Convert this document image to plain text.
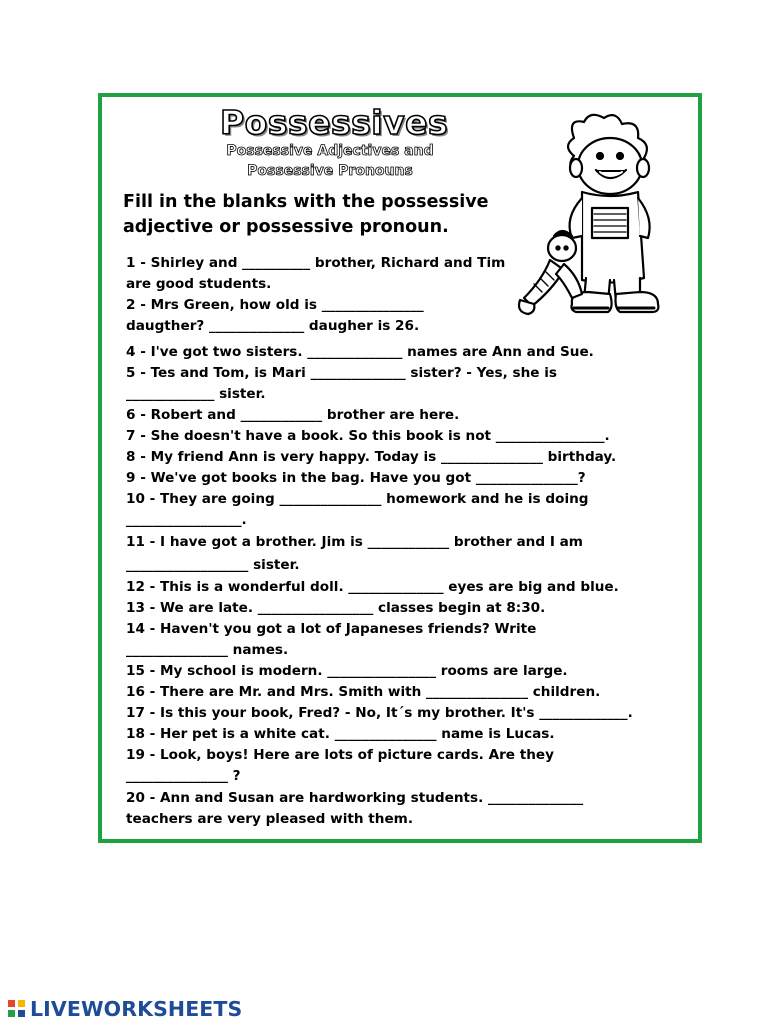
Possessives
Possessive Adjectives and
Possessive Pronouns
Fill in the blanks with the possessive
adjective or possessive pronoun.
1 - Shirley and __________ brother, Richard and Tim
are good students.
2 - Mrs Green, how old is _______________
daugther? ______________ daugher is 26.
4 - I've got two sisters. ______________ names are Ann and Sue.
5 - Tes and Tom, is Mari ______________ sister? - Yes, she is
_____________ sister.
6 - Robert and ____________ brother are here.
7 - She doesn't have a book. So this book is not ________________.
8 - My friend Ann is very happy. Today is _______________ birthday.
9 - We've got books in the bag. Have you got _______________?
10 - They are going _______________ homework and he is doing
_________________.
11 - I have got a brother. Jim is ____________ brother and I am
__________________ sister.
12 - This is a wonderful doll. ______________ eyes are big and blue.
13 - We are late. _________________ classes begin at 8:30.
14 - Haven't you got a lot of Japaneses friends? Write
_______________ names.
15 - My school is modern. ________________ rooms are large.
16 - There are Mr. and Mrs. Smith with _______________ children.
17 - Is this your book, Fred? - No, It´s my brother. It's _____________.
18 - Her pet is a white cat. _______________ name is Lucas.
19 - Look, boys! Here are lots of picture cards. Are they
_______________ ?
20 - Ann and Susan are hardworking students. ______________
teachers are very pleased with them.
LIVEWORKSHEETS
